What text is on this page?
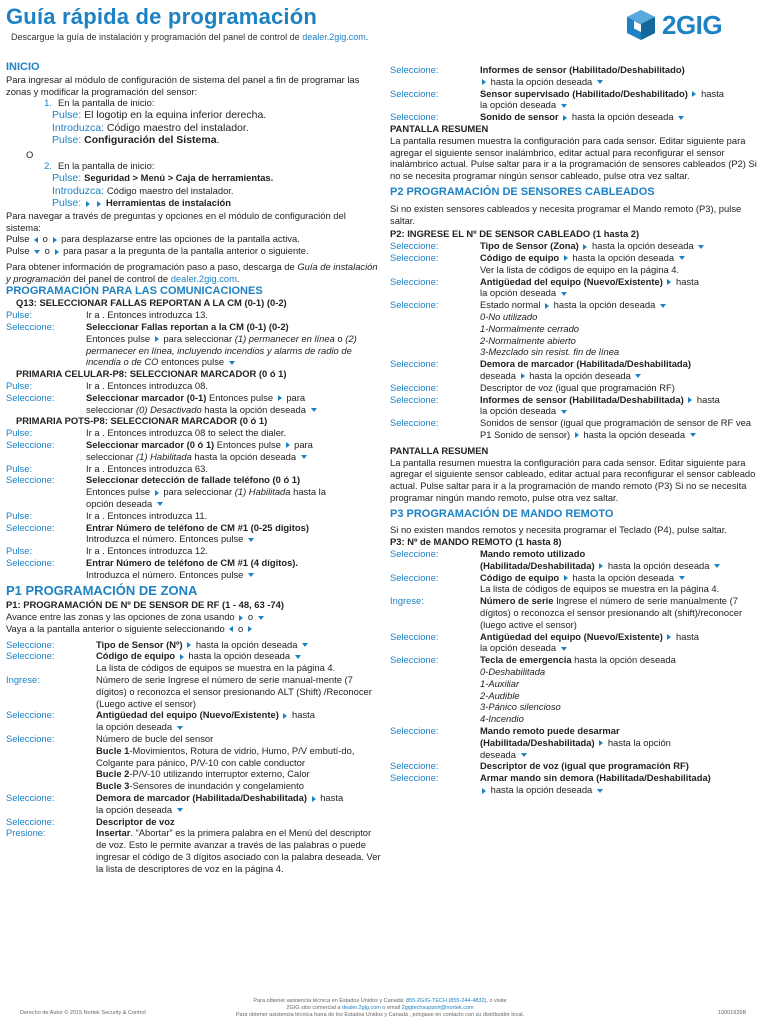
Guía rápida de programación
Descargue la guía de instalación y programación del panel de control de dealer.2gig.com.	2GIG
INICIO
Para ingresar al módulo de configuración de sistema del panel a fin de programar las zonas y modificar la programación del sensor:
1. En la pantalla de inicio:
Pulse: El logotip en la equina inferior derecha.
Introduzca: Código maestro del instalador.
Pulse: Configuración del Sistema.
O
2. En la pantalla de inicio:
Pulse: Seguridad > Menú > Caja de herramientas.
Introduzca: Código maestro del instalador.
Pulse:	Herramientas de instalación
Para navegar a través de preguntas y opciones en el módulo de configuración del sistema:
Pulse o para desplazarse entre las opciones de la pantalla activa.
Pulse o para pasar a la pregunta de la pantalla anterior o siguiente.
Para obtener información de programación paso a paso, descarga de Guía de instalación y programación del panel de control de dealer.2gig.com.
PROGRAMACIÓN PARA LAS COMUNICACIONES
Q13: SELECCIONAR FALLAS REPORTAN A LA CM (0-1) (0-2)
Pulse:	Ir a . Entonces introduzca 13.
Seleccione:	Seleccionar Fallas reportan a la CM (0-1) (0-2)
Entonces pulse para seleccionar (1) permanecer en línea o (2) permanecer en línea, incluyendo incendios y alarms de radio de incendia o de CO entonces pulse
PRIMARIA CELULAR-P8: SELECCIONAR MARCADOR (0 ó 1)
Pulse:	Ir a . Entonces introduzca 08.
Seleccione:	Seleccionar marcador (0-1) Entonces pulse para
seleccionar (0) Desactivado hasta la opción deseada
PRIMARIA POTS-P8: SELECCIONAR MARCADOR (0 ó 1)
Pulse:	Ir a . Entonces introduzca 08 to select the dialer.
Seleccione:	Seleccionar marcador (0 ó 1) Entonces pulse para
seleccionar (1) Habilitada hasta la opción deseada
Pulse:	Ir a . Entonces introduzca 63.
Seleccione:	Seleccionar detección de fallade teléfono (0 ó 1)
Entonces pulse para seleccionar (1) Habilitada hasta la
opción deseada
Pulse:	Ir a . Entonces introduzca 11.
Seleccione:	Entrar Número de teléfono de CM #1 (0-25 digitos)
Introduzca el número. Entonces pulse
Pulse:	Ir a . Entonces introduzca 12.
Seleccione:	Entrar Número de teléfono de CM #1 (4 dígitos).
Introduzca el número. Entonces pulse
P1 PROGRAMACIÓN DE ZONA
P1: PROGRAMACIÓN DE Nº DE SENSOR DE RF (1 - 48, 63 -74)
Avance entre las zonas y las opciones de zona usando o
Vaya a la pantalla anterior o siguiente seleccionando o
Seleccione:	Tipo de Sensor (Nº) hasta la opción deseada
Seleccione:	Código de equipo hasta la opción deseada
La lista de códigos de equipos se muestra en la página 4.
Ingrese:	Número de serie Ingrese el número de serie manual-mente (7 dígitos) o reconozca el sensor presionando ALT (Shift) /Reconocer (Luego active el sensor)
Seleccione:	Antigüedad del equipo (Nuevo/Existente) hasta
la opción deseada
Seleccione:	Número de bucle del sensor
Bucle 1-Movimientos, Rotura de vidrio, Humo, P/V embutí-do, Colgante para pánico, P/V-10 con cable conductor
Bucle 2-P/V-10 utilizando interruptor externo, Calor
Bucle 3-Sensores de inundación y congelamiento
Seleccione:	Demora de marcador (Habilitada/Deshabilitada) hasta
la opción deseada
Seleccione:	Descriptor de voz
Presione:	Insertar. “Abortar” es la primera palabra en el Menú del descriptor de voz. Esto le permite avanzar a través de las palabras o puede ingresar el código de 3 dígitos asociado con la palabra deseada. Ver la lista de descriptores de voz en la página 4.
Seleccione:	Informes de sensor (Habilitado/Deshabilitado)
hasta la opción deseada
Seleccione:	Sensor supervisado (Habilitado/Deshabilitado) hasta
la opción deseada
Seleccione:	Sonido de sensor hasta la opción deseada
PANTALLA RESUMEN
La pantalla resumen muestra la configuración para cada sensor. Editar siguiente para agregar el siguiente sensor inalámbrico, editar actual para reconfigurar el sensor inalámbrico actual. Pulse saltar para ir a la programación de sensores cableados (P2) Si no se necesita programar ningún sensor cableado, pulse otra vez saltar.
P2 PROGRAMACIÓN DE SENSORES CABLEADOS
Si no existen sensores cableados y necesita programar el Mando remoto (P3), pulse saltar.
P2: INGRESE EL Nº DE SENSOR CABLEADO (1 hasta 2)
Seleccione:	Tipo de Sensor (Zona) hasta la opción deseada
Seleccione:	Código de equipo hasta la opción deseada
Ver la lista de códigos de equipo en la página 4.
Seleccione:	Antigüedad del equipo (Nuevo/Existente) hasta
la opción deseada
Seleccione:	Estado normal hasta la opción deseada
0-No utilizado
1-Normalmente cerrado
2-Normalmente abierto
3-Mezclado sin resist. fin de línea
Seleccione:	Demora de marcador (Habilitada/Deshabilitada)
deseada hasta la opción deseada
Seleccione:	Descriptor de voz (igual que programación RF)
Seleccione:	Informes de sensor (Habilitada/Deshabilitada) hasta
la opción deseada
Seleccione:	Sonidos de sensor (igual que programación de sensor de RF vea P1 Sonido de sensor) hasta la opción deseada
PANTALLA RESUMEN
La pantalla resumen muestra la configuración para cada sensor. Editar siguiente para agregar el siguiente sensor cableado, editar actual para reconfigurar el sensor cableado actual. Pulse saltar para ir a la programación de mando remoto (P3) Si no se necesita programar ningún mando remoto, pulse otra vez saltar.
P3 PROGRAMACIÓN DE MANDO REMOTO
Si no existen mandos remotos y necesita programar el Teclado (P4), pulse saltar.
P3: Nº de MANDO REMOTO (1 hasta 8)
Seleccione:	Mando remoto utilizado
(Habilitada/Deshabilitada) hasta la opción deseada
Seleccione:	Código de equipo hasta la opción deseada
La lista de códigos de equipos se muestra en la página 4.
Ingrese:	Número de serie Ingrese el número de serie manualmente (7 dígitos) o reconozca el sensor presionando alt (shift)/reconocer (luego active el sensor)
Seleccione:	Antigüedad del equipo (Nuevo/Existente) hasta
la opción deseada
Seleccione:	Tecla de emergencia hasta la opción deseada
0-Deshabilitada
1-Auxiliar
2-Audible
3-Pánico silencioso
4-Incendio
Seleccione:	Mando remoto puede desarmar
(Habilitada/Deshabilitada) hasta la opción
deseada
Seleccione:	Descriptor de voz (igual que programación RF)
Seleccione:	Armar mando sin demora (Habilitada/Deshabilitada)
hasta la opción deseada
Derecho de Autor © 2015 Nortek Security & Control
Para obtener asistencia técnica en Estados Unidos y Canadá: 855-2GIG-TECH (855-244-4832), o visite
2GIG sitio comercial a dealer.2gig.com o email 2gigtechsupport@nortek.com
Para obtener asistencia técnica fuera de los Estados Unidos y Canadá , póngase en contacto con su distribuidor local.	10001926B
